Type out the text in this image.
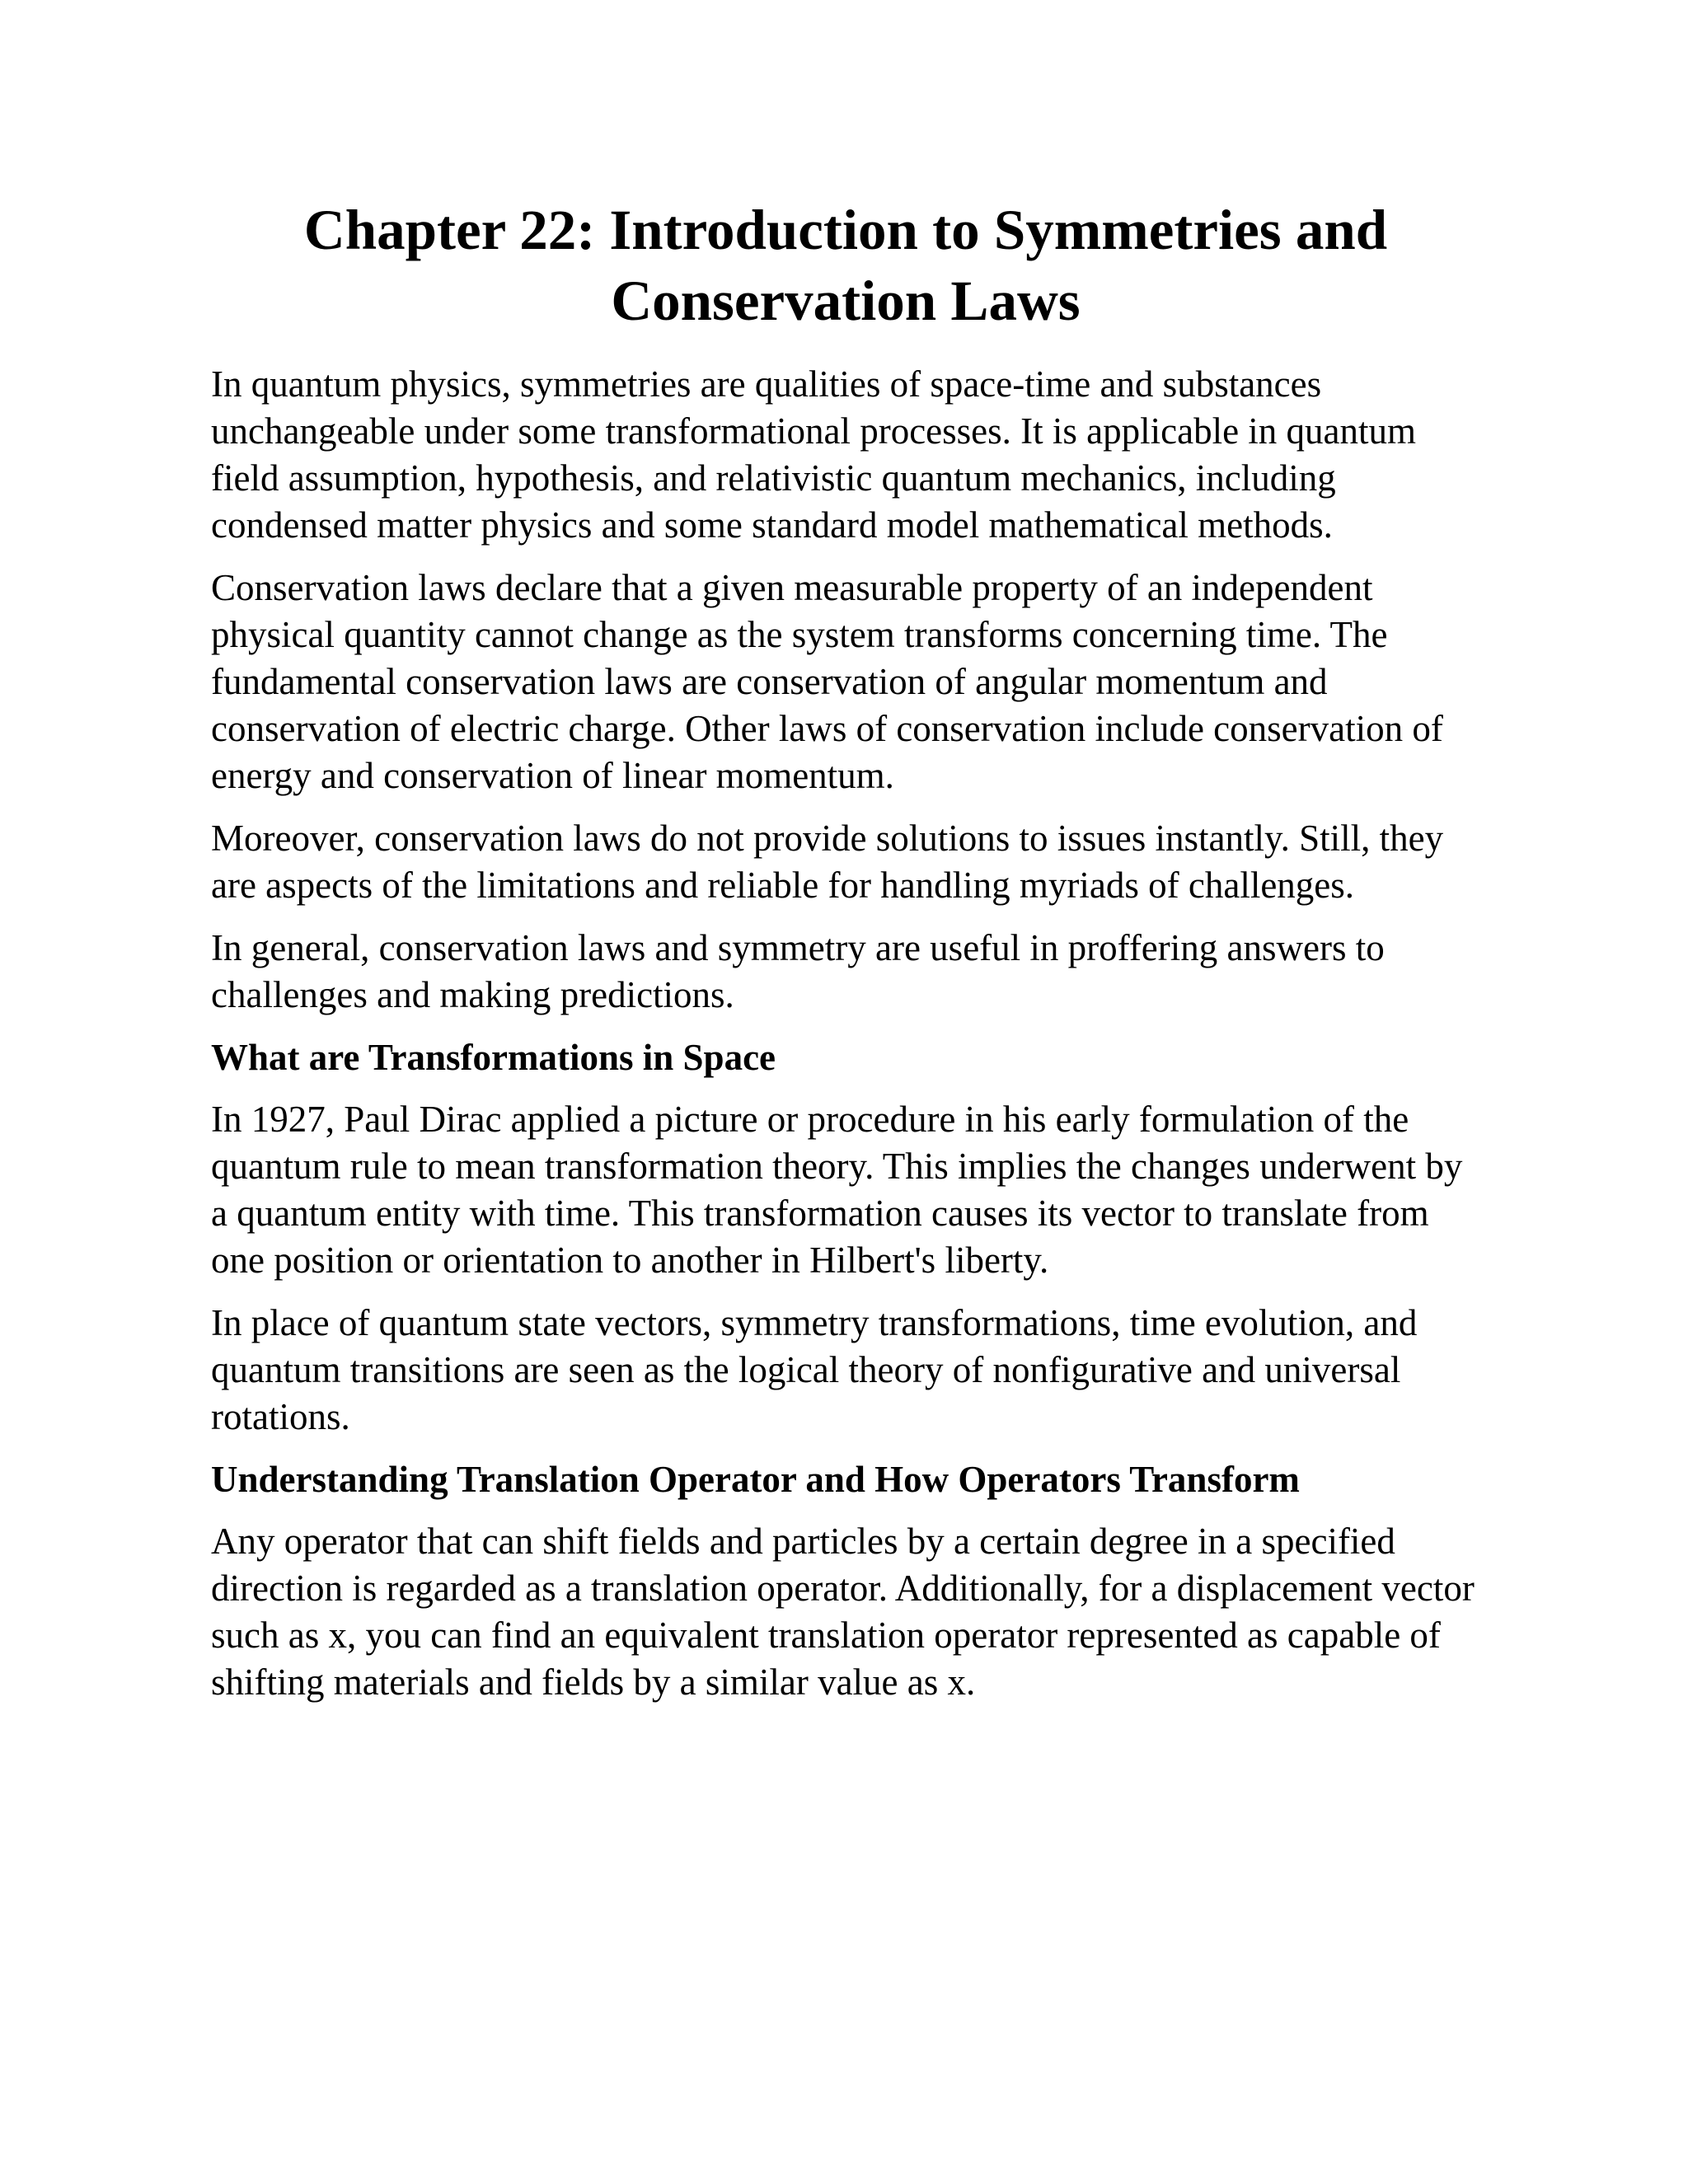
Chapter 22: Introduction to Symmetries and Conservation Laws

In quantum physics, symmetries are qualities of space-time and substances unchangeable under some transformational processes. It is applicable in quantum field assumption, hypothesis, and relativistic quantum mechanics, including condensed matter physics and some standard model mathematical methods.

Conservation laws declare that a given measurable property of an independent physical quantity cannot change as the system transforms concerning time. The fundamental conservation laws are conservation of angular momentum and conservation of electric charge. Other laws of conservation include conservation of energy and conservation of linear momentum.

Moreover, conservation laws do not provide solutions to issues instantly. Still, they are aspects of the limitations and reliable for handling myriads of challenges.

In general, conservation laws and symmetry are useful in proffering answers to challenges and making predictions.

What are Transformations in Space

In 1927, Paul Dirac applied a picture or procedure in his early formulation of the quantum rule to mean transformation theory. This implies the changes underwent by a quantum entity with time. This transformation causes its vector to translate from one position or orientation to another in Hilbert's liberty.

In place of quantum state vectors, symmetry transformations, time evolution, and quantum transitions are seen as the logical theory of nonfigurative and universal rotations.

Understanding Translation Operator and How Operators Transform

Any operator that can shift fields and particles by a certain degree in a specified direction is regarded as a translation operator. Additionally, for a displacement vector such as x, you can find an equivalent translation operator represented as capable of shifting materials and fields by a similar value as x.
